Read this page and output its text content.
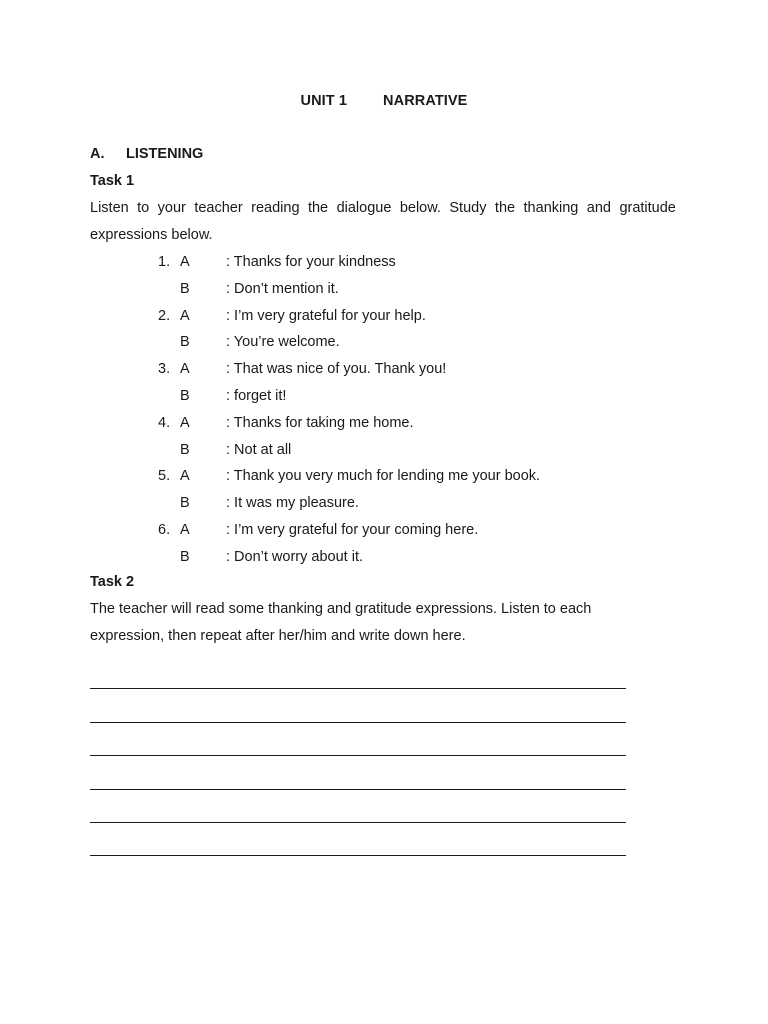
UNIT 1 NARRATIVE
A. LISTENING
Task 1
Listen to your teacher reading the dialogue below. Study the thanking and gratitude
expressions below.
1. A	: Thanks for your kindness
B	: Don’t mention it.
2. A	: I’m very grateful for your help.
B	: You’re welcome.
3. A	: That was nice of you. Thank you!
B	: forget it!
4. A	: Thanks for taking me home.
B	: Not at all
5. A	: Thank you very much for lending me your book.
B	: It was my pleasure.
6. A	: I’m very grateful for your coming here.
B	: Don’t worry about it.
Task 2
The teacher will read some thanking and gratitude expressions. Listen to each
expression, then repeat after her/him and write down here.
